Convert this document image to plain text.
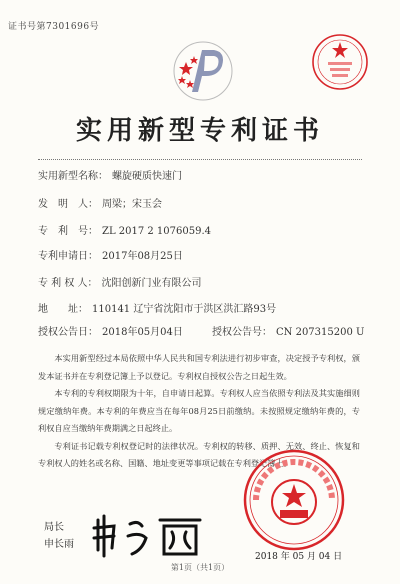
证书号第7301696号
实用新型专利证书
实用新型名称： 螺旋硬质快速门
发　明　人： 周梁；宋玉会
专　利　号： ZL 2017 2 1076059.4
专利申请日： 2017年08月25日
专 利 权 人： 沈阳创新门业有限公司
地　　址： 110141 辽宁省沈阳市于洪区洪汇路93号
授权公告日： 2018年05月04日	授权公告号： CN 207315200 U

本实用新型经过本局依照中华人民共和国专利法进行初步审查，决定授予专利权，颁发本证书并在专利登记簿上予以登记。专利权自授权公告之日起生效。

本专利的专利权期限为十年，自申请日起算。专利权人应当依照专利法及其实施细则规定缴纳年费。本专利的年费应当在每年08月25日前缴纳。未按照规定缴纳年费的，专利权自应当缴纳年费期满之日起终止。

专利证书记载专利权登记时的法律状况。专利权的转移、质押、无效、终止、恢复和专利权人的姓名或名称、国籍、地址变更等事项记载在专利登记簿上。

局长
申长雨
2018 年 05 月 04 日
第1页（共1页）
